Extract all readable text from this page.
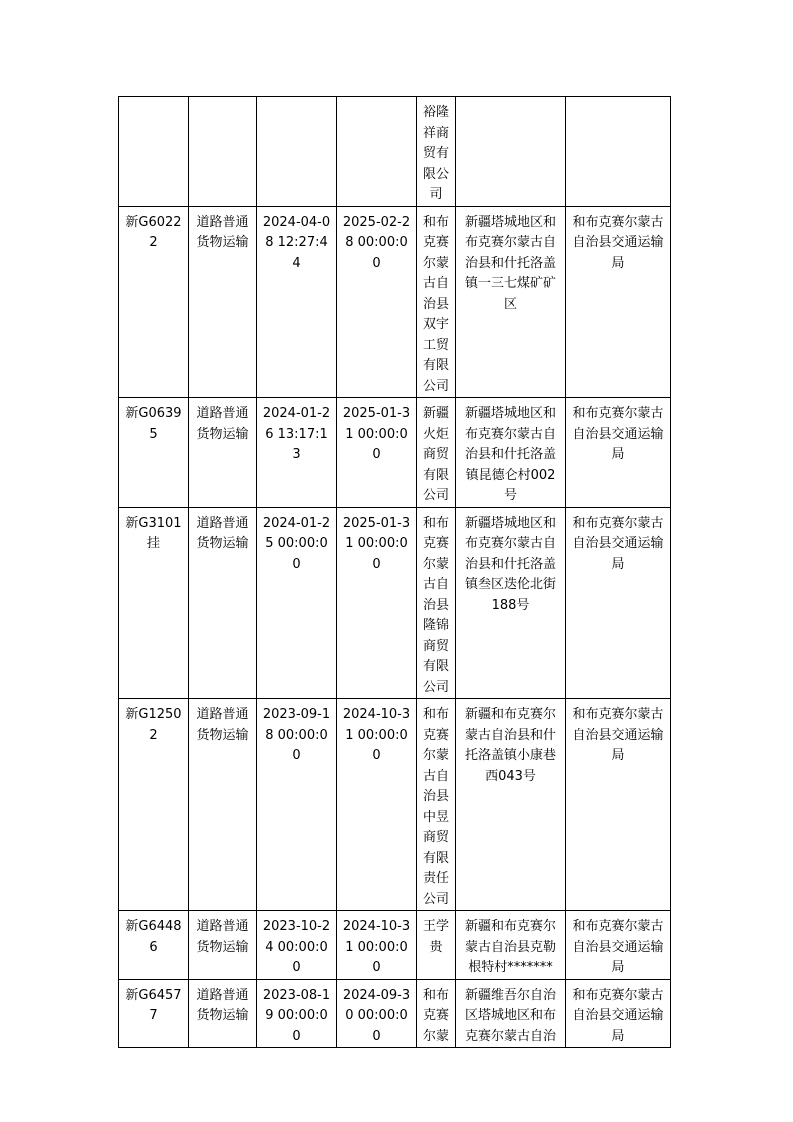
				裕隆祥商贸有限公司		
新G60222	道路普通货物运输	2024-04-08 12:27:44	2025-02-28 00:00:00	和布克赛尔蒙古自治县双宇工贸有限公司	新疆塔城地区和布克赛尔蒙古自治县和什托洛盖镇一三七煤矿矿区	和布克赛尔蒙古自治县交通运输局
新G06395	道路普通货物运输	2024-01-26 13:17:13	2025-01-31 00:00:00	新疆火炬商贸有限公司	新疆塔城地区和布克赛尔蒙古自治县和什托洛盖镇昆德仑村002号	和布克赛尔蒙古自治县交通运输局
新G3101挂	道路普通货物运输	2024-01-25 00:00:00	2025-01-31 00:00:00	和布克赛尔蒙古自治县隆锦商贸有限公司	新疆塔城地区和布克赛尔蒙古自治县和什托洛盖镇叁区迭伦北街188号	和布克赛尔蒙古自治县交通运输局
新G12502	道路普通货物运输	2023-09-18 00:00:00	2024-10-31 00:00:00	和布克赛尔蒙古自治县中昱商贸有限责任公司	新疆和布克赛尔蒙古自治县和什托洛盖镇小康巷西043号	和布克赛尔蒙古自治县交通运输局
新G64486	道路普通货物运输	2023-10-24 00:00:00	2024-10-31 00:00:00	王学贵	新疆和布克赛尔蒙古自治县克勒根特村*******	和布克赛尔蒙古自治县交通运输局
新G64577	道路普通货物运输	2023-08-19 00:00:00	2024-09-30 00:00:00	和布克赛尔蒙	新疆维吾尔自治区塔城地区和布克赛尔蒙古自治	和布克赛尔蒙古自治县交通运输局
